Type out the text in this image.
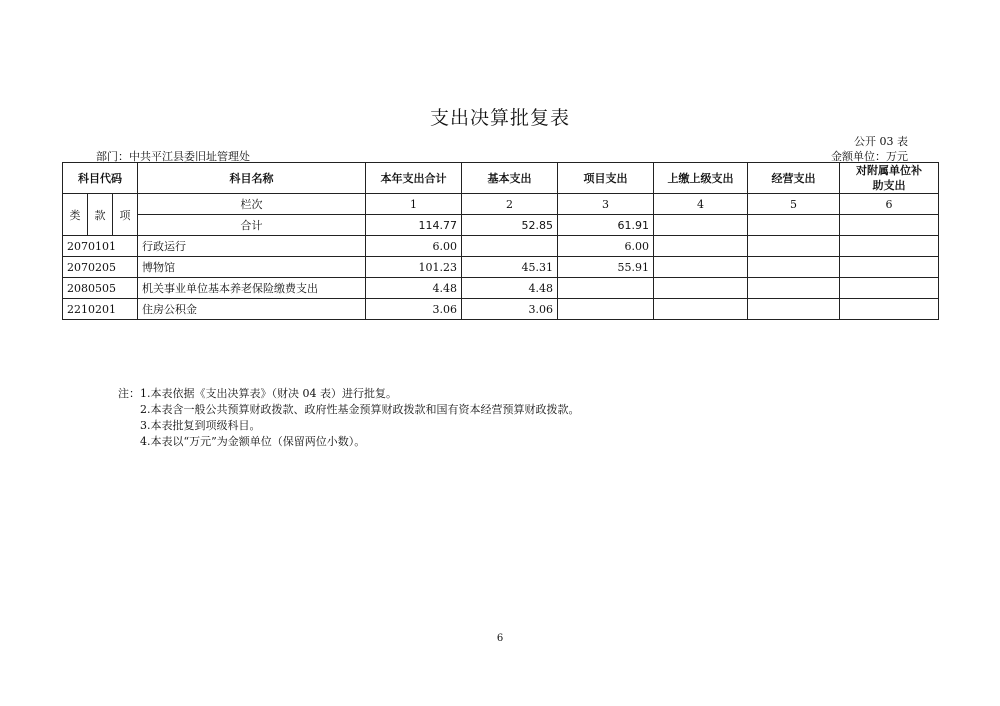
支出决算批复表
公开 03 表
部门：中共平江县委旧址管理处	金额单位：万元
科目代码			科目名称	本年支出合计	基本支出	项目支出	上缴上级支出	经营支出	对附属单位补助支出
类	款	项	栏次	1	2	3	4	5	6
			合计	114.77	52.85	61.91			
2070101			行政运行	6.00		6.00			
2070205			博物馆	101.23	45.31	55.91			
2080505			机关事业单位基本养老保险缴费支出	4.48	4.48				
2210201			住房公积金	3.06	3.06				
注：1.本表依据《支出决算表》（财决 04 表）进行批复。
2.本表含一般公共预算财政拨款、政府性基金预算财政拨款和国有资本经营预算财政拨款。
3.本表批复到项级科目。
4.本表以“万元”为金额单位（保留两位小数）。
6
